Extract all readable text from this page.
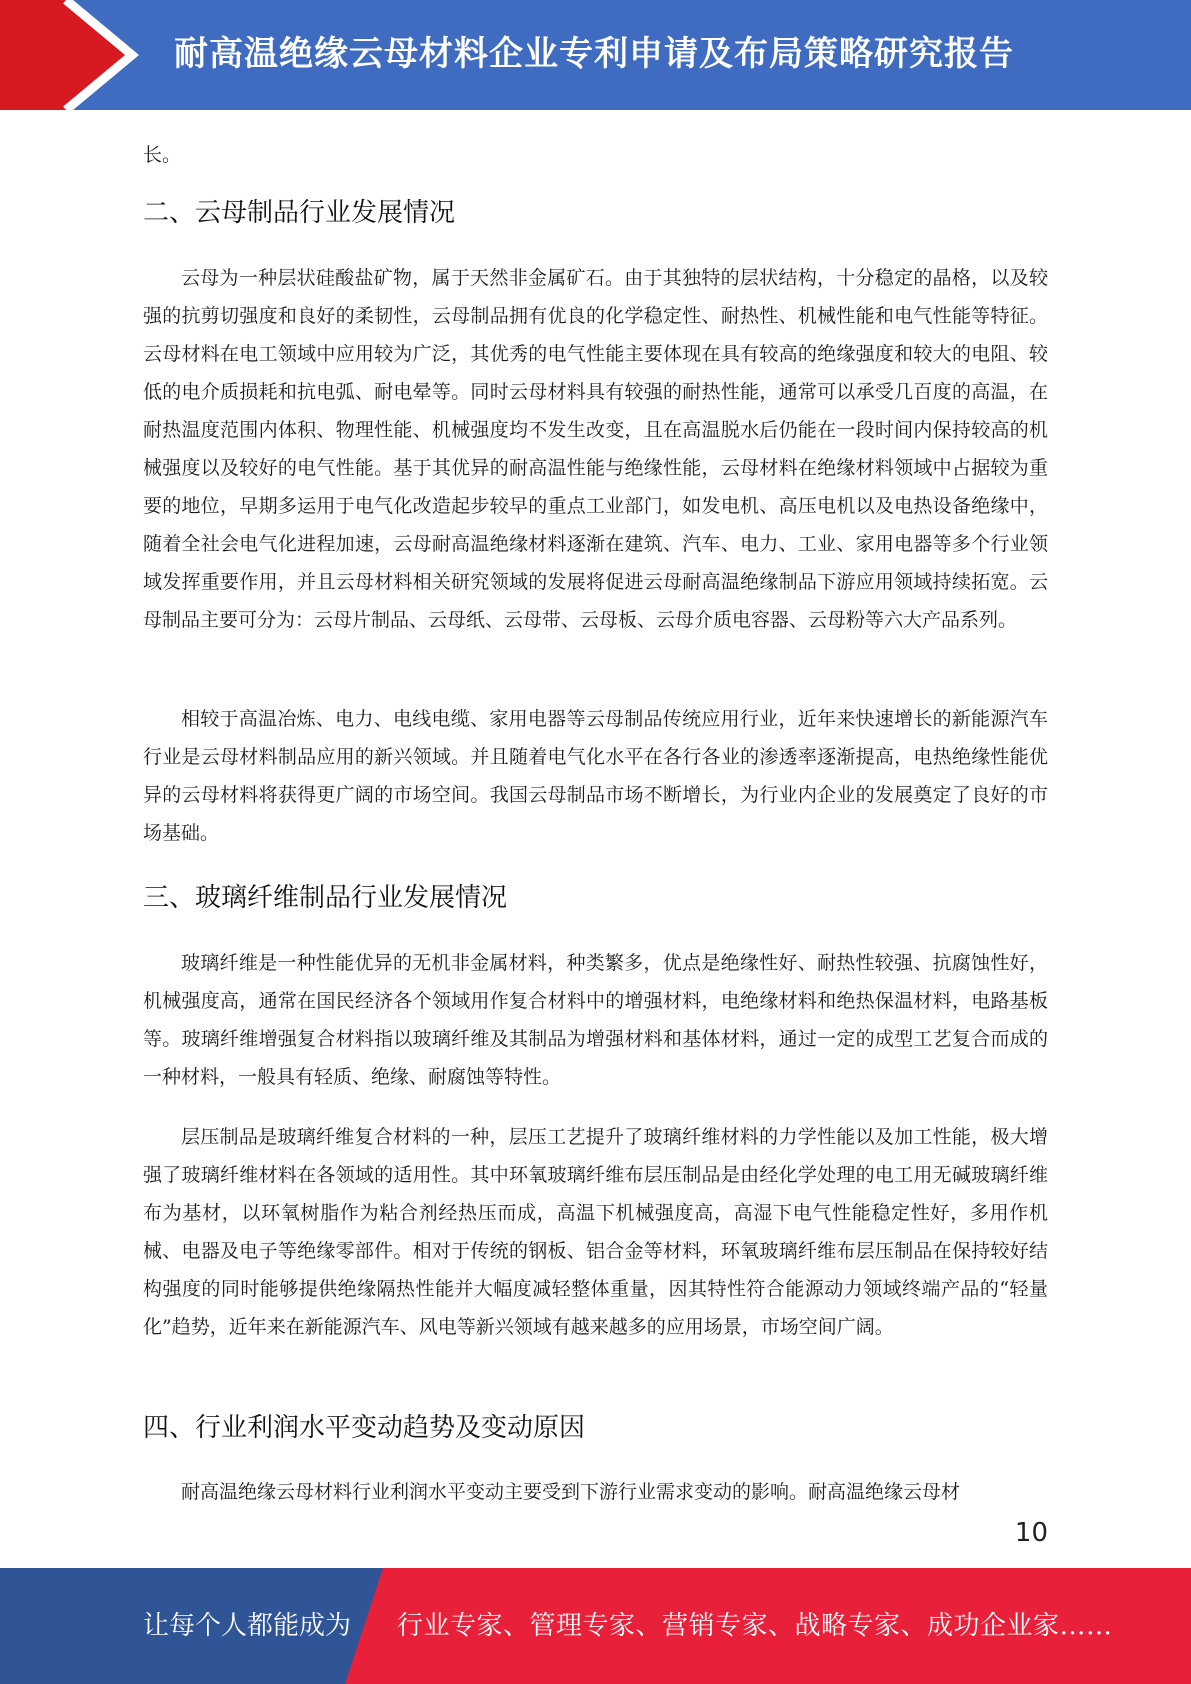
耐高温绝缘云母材料企业专利申请及布局策略研究报告
长。
二、云母制品行业发展情况
云母为一种层状硅酸盐矿物，属于天然非金属矿石。由于其独特的层状结构，十分稳定的晶格，以及较强的抗剪切强度和良好的柔韧性，云母制品拥有优良的化学稳定性、耐热性、机械性能和电气性能等特征。云母材料在电工领域中应用较为广泛，其优秀的电气性能主要体现在具有较高的绝缘强度和较大的电阻、较低的电介质损耗和抗电弧、耐电晕等。同时云母材料具有较强的耐热性能，通常可以承受几百度的高温，在耐热温度范围内体积、物理性能、机械强度均不发生改变，且在高温脱水后仍能在一段时间内保持较高的机械强度以及较好的电气性能。基于其优异的耐高温性能与绝缘性能，云母材料在绝缘材料领域中占据较为重要的地位，早期多运用于电气化改造起步较早的重点工业部门，如发电机、高压电机以及电热设备绝缘中，随着全社会电气化进程加速，云母耐高温绝缘材料逐渐在建筑、汽车、电力、工业、家用电器等多个行业领域发挥重要作用，并且云母材料相关研究领域的发展将促进云母耐高温绝缘制品下游应用领域持续拓宽。云母制品主要可分为：云母片制品、云母纸、云母带、云母板、云母介质电容器、云母粉等六大产品系列。
相较于高温冶炼、电力、电线电缆、家用电器等云母制品传统应用行业，近年来快速增长的新能源汽车行业是云母材料制品应用的新兴领域。并且随着电气化水平在各行各业的渗透率逐渐提高，电热绝缘性能优异的云母材料将获得更广阔的市场空间。我国云母制品市场不断增长，为行业内企业的发展奠定了良好的市场基础。
三、玻璃纤维制品行业发展情况
玻璃纤维是一种性能优异的无机非金属材料，种类繁多，优点是绝缘性好、耐热性较强、抗腐蚀性好，机械强度高，通常在国民经济各个领域用作复合材料中的增强材料，电绝缘材料和绝热保温材料，电路基板等。玻璃纤维增强复合材料指以玻璃纤维及其制品为增强材料和基体材料，通过一定的成型工艺复合而成的一种材料，一般具有轻质、绝缘、耐腐蚀等特性。
层压制品是玻璃纤维复合材料的一种，层压工艺提升了玻璃纤维材料的力学性能以及加工性能，极大增强了玻璃纤维材料在各领域的适用性。其中环氧玻璃纤维布层压制品是由经化学处理的电工用无碱玻璃纤维布为基材，以环氧树脂作为粘合剂经热压而成，高温下机械强度高，高湿下电气性能稳定性好，多用作机械、电器及电子等绝缘零部件。相对于传统的钢板、铝合金等材料，环氧玻璃纤维布层压制品在保持较好结构强度的同时能够提供绝缘隔热性能并大幅度减轻整体重量，因其特性符合能源动力领域终端产品的“轻量化”趋势，近年来在新能源汽车、风电等新兴领域有越来越多的应用场景，市场空间广阔。
四、行业利润水平变动趋势及变动原因
耐高温绝缘云母材料行业利润水平变动主要受到下游行业需求变动的影响。耐高温绝缘云母材
10
让每个人都能成为 行业专家、管理专家、营销专家、战略专家、成功企业家……
